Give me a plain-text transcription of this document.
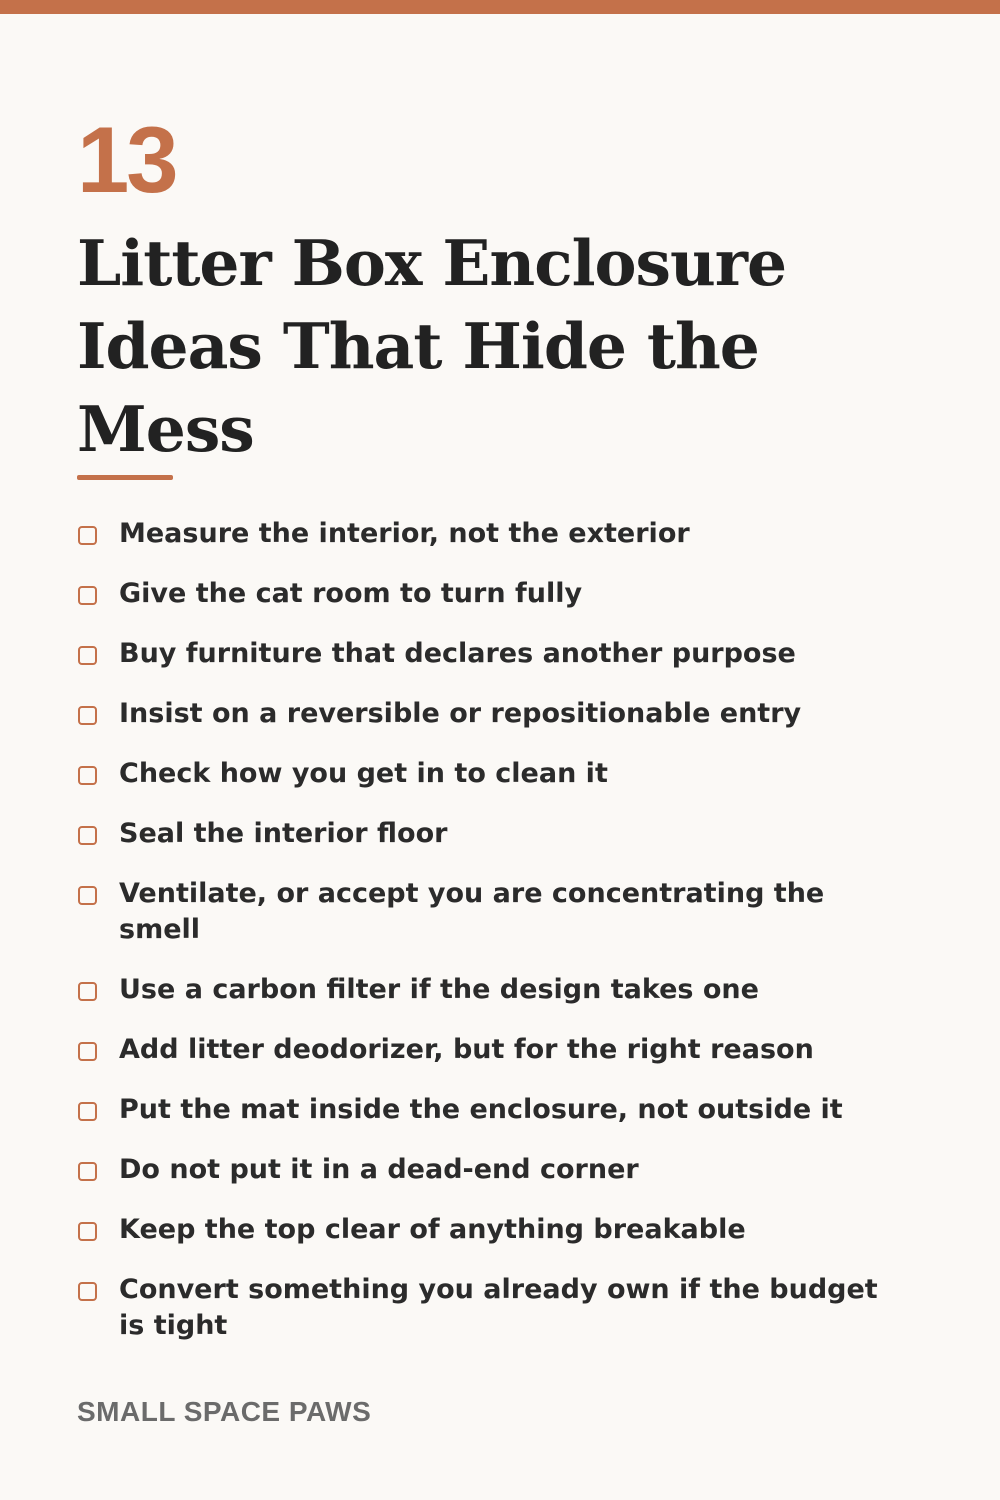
13
Litter Box Enclosure Ideas That Hide the Mess
Measure the interior, not the exterior
Give the cat room to turn fully
Buy furniture that declares another purpose
Insist on a reversible or repositionable entry
Check how you get in to clean it
Seal the interior floor
Ventilate, or accept you are concentrating the smell
Use a carbon filter if the design takes one
Add litter deodorizer, but for the right reason
Put the mat inside the enclosure, not outside it
Do not put it in a dead-end corner
Keep the top clear of anything breakable
Convert something you already own if the budget is tight
SMALL SPACE PAWS
